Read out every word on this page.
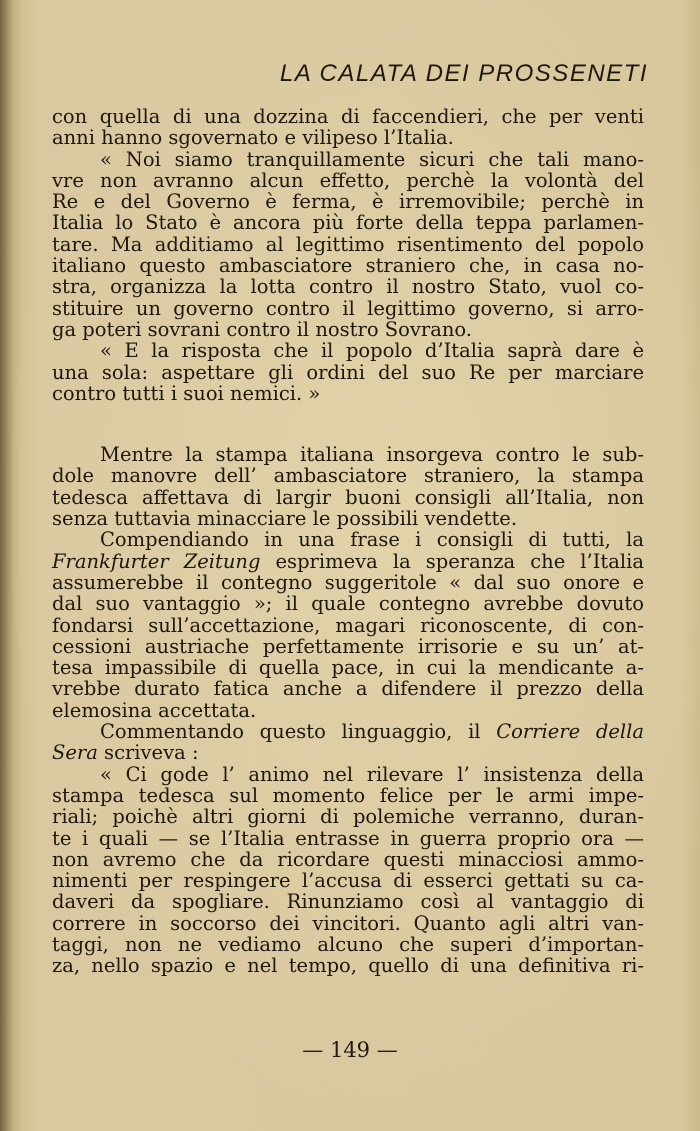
LA CALATA DEI PROSSENETI
con quella di una dozzina di faccendieri, che per venti
anni hanno sgovernato e vilipeso l’Italia.
« Noi siamo tranquillamente sicuri che tali mano-
vre non avranno alcun effetto, perchè la volontà del
Re e del Governo è ferma, è irremovibile; perchè in
Italia lo Stato è ancora più forte della teppa parlamen-
tare. Ma additiamo al legittimo risentimento del popolo
italiano questo ambasciatore straniero che, in casa no-
stra, organizza la lotta contro il nostro Stato, vuol co-
stituire un governo contro il legittimo governo, si arro-
ga poteri sovrani contro il nostro Sovrano.
« E la risposta che il popolo d’Italia saprà dare è
una sola: aspettare gli ordini del suo Re per marciare
contro tutti i suoi nemici. »
Mentre la stampa italiana insorgeva contro le sub-
dole manovre dell’ ambasciatore straniero, la stampa
tedesca affettava di largir buoni consigli all’Italia, non
senza tuttavia minacciare le possibili vendette.
Compendiando in una frase i consigli di tutti, la
Frankfurter Zeitung esprimeva la speranza che l’Italia
assumerebbe il contegno suggeritole « dal suo onore e
dal suo vantaggio »; il quale contegno avrebbe dovuto
fondarsi sull’accettazione, magari riconoscente, di con-
cessioni austriache perfettamente irrisorie e su un’ at-
tesa impassibile di quella pace, in cui la mendicante a-
vrebbe durato fatica anche a difendere il prezzo della
elemosina accettata.
Commentando questo linguaggio, il Corriere della
Sera scriveva :
« Ci gode l’ animo nel rilevare l’ insistenza della
stampa tedesca sul momento felice per le armi impe-
riali; poichè altri giorni di polemiche verranno, duran-
te i quali — se l’Italia entrasse in guerra proprio ora —
non avremo che da ricordare questi minacciosi ammo-
nimenti per respingere l’accusa di esserci gettati su ca-
daveri da spogliare. Rinunziamo così al vantaggio di
correre in soccorso dei vincitori. Quanto agli altri van-
taggi, non ne vediamo alcuno che superi d’importan-
za, nello spazio e nel tempo, quello di una definitiva ri-
— 149 —
